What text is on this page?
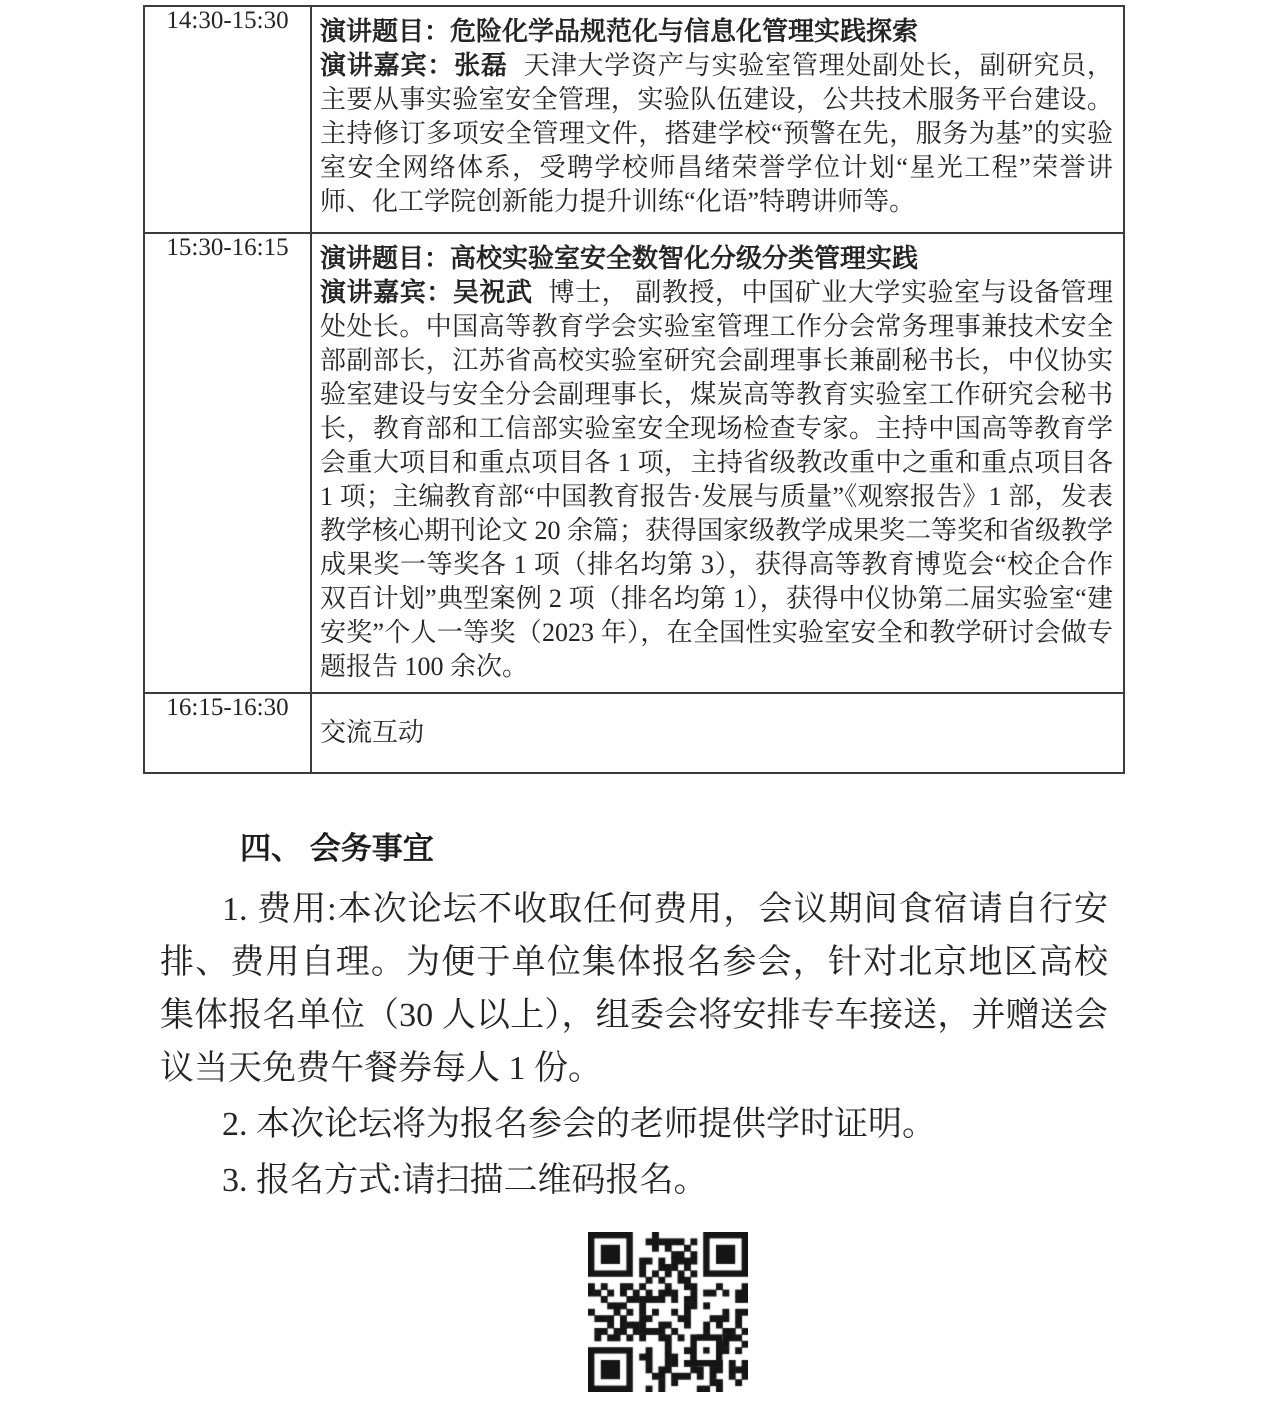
14:30-15:30	演讲题目：危险化学品规范化与信息化管理实践探索

演讲嘉宾：张磊 天津大学资产与实验室管理处副处长，副研究员，主要从事实验室安全管理，实验队伍建设，公共技术服务平台建设。主持修订多项安全管理文件，搭建学校“预警在先，服务为基”的实验室安全网络体系，受聘学校师昌绪荣誉学位计划“星光工程”荣誉讲师、化工学院创新能力提升训练“化语”特聘讲师等。

15:30-16:15	演讲题目：高校实验室安全数智化分级分类管理实践

演讲嘉宾：吴祝武 博士， 副教授，中国矿业大学实验室与设备管理处处长。中国高等教育学会实验室管理工作分会常务理事兼技术安全部副部长，江苏省高校实验室研究会副理事长兼副秘书长，中仪协实验室建设与安全分会副理事长，煤炭高等教育实验室工作研究会秘书长，教育部和工信部实验室安全现场检查专家。主持中国高等教育学会重大项目和重点项目各 1 项，主持省级教改重中之重和重点项目各 1 项；主编教育部“中国教育报告·发展与质量”《观察报告》1 部，发表教学核心期刊论文 20 余篇；获得国家级教学成果奖二等奖和省级教学成果奖一等奖各 1 项（排名均第 3），获得高等教育博览会“校企合作 双百计划”典型案例 2 项（排名均第 1），获得中仪协第二届实验室“建安奖”个人一等奖（2023 年），在全国性实验室安全和教学研讨会做专题报告 100 余次。

16:15-16:30	交流互动
四、 会务事宜

1. 费用:本次论坛不收取任何费用，会议期间食宿请自行安排、费用自理。为便于单位集体报名参会，针对北京地区高校集体报名单位（30 人以上），组委会将安排专车接送，并赠送会议当天免费午餐券每人 1 份。

2. 本次论坛将为报名参会的老师提供学时证明。

3. 报名方式:请扫描二维码报名。
